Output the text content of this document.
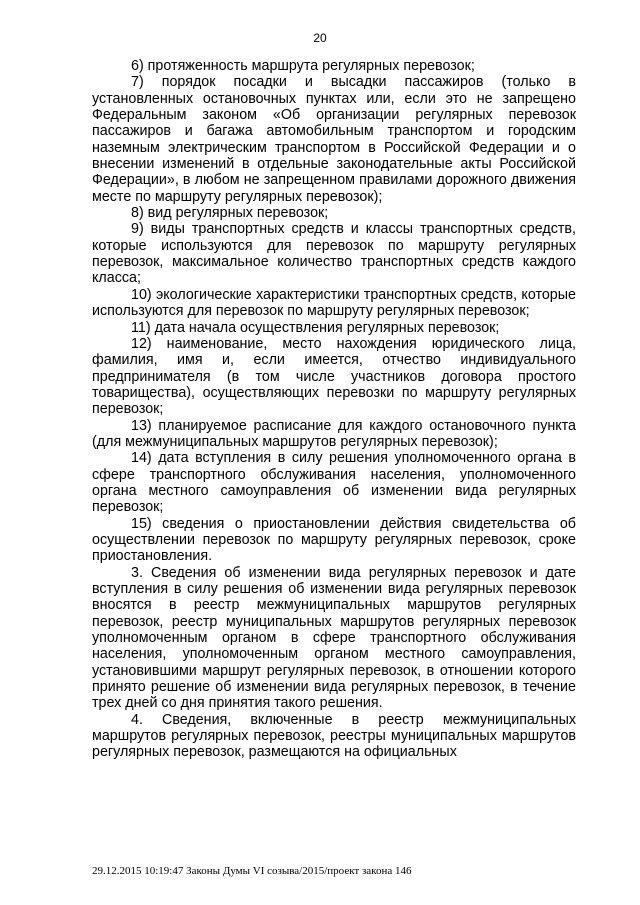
20

6) протяженность маршрута регулярных перевозок;

7) порядок посадки и высадки пассажиров (только в установленных остановочных пунктах или, если это не запрещено Федеральным законом «Об организации регулярных перевозок пассажиров и багажа автомобильным транспортом и городским наземным электрическим транспортом в Российской Федерации и о внесении изменений в отдельные законодательные акты Российской Федерации», в любом не запрещенном правилами дорожного движения месте по маршруту регулярных перевозок);

8) вид регулярных перевозок;

9) виды транспортных средств и классы транспортных средств, которые используются для перевозок по маршруту регулярных перевозок, максимальное количество транспортных средств каждого класса;

10) экологические характеристики транспортных средств, которые используются для перевозок по маршруту регулярных перевозок;

11) дата начала осуществления регулярных перевозок;

12) наименование, место нахождения юридического лица, фамилия, имя и, если имеется, отчество индивидуального предпринимателя (в том числе участников договора простого товарищества), осуществляющих перевозки по маршруту регулярных перевозок;

13) планируемое расписание для каждого остановочного пункта (для межмуниципальных маршрутов регулярных перевозок);

14) дата вступления в силу решения уполномоченного органа в сфере транспортного обслуживания населения, уполномоченного органа местного самоуправления об изменении вида регулярных перевозок;

15) сведения о приостановлении действия свидетельства об осуществлении перевозок по маршруту регулярных перевозок, сроке приостановления.

3. Сведения об изменении вида регулярных перевозок и дате вступления в силу решения об изменении вида регулярных перевозок вносятся в реестр межмуниципальных маршрутов регулярных перевозок, реестр муниципальных маршрутов регулярных перевозок уполномоченным органом в сфере транспортного обслуживания населения, уполномоченным органом местного самоуправления, установившими маршрут регулярных перевозок, в отношении которого принято решение об изменении вида регулярных перевозок, в течение трех дней со дня принятия такого решения.

4. Сведения, включенные в реестр межмуниципальных маршрутов регулярных перевозок, реестры муниципальных маршрутов регулярных перевозок, размещаются на официальных

29.12.2015 10:19:47 Законы Думы VI созыва/2015/проект закона 146
